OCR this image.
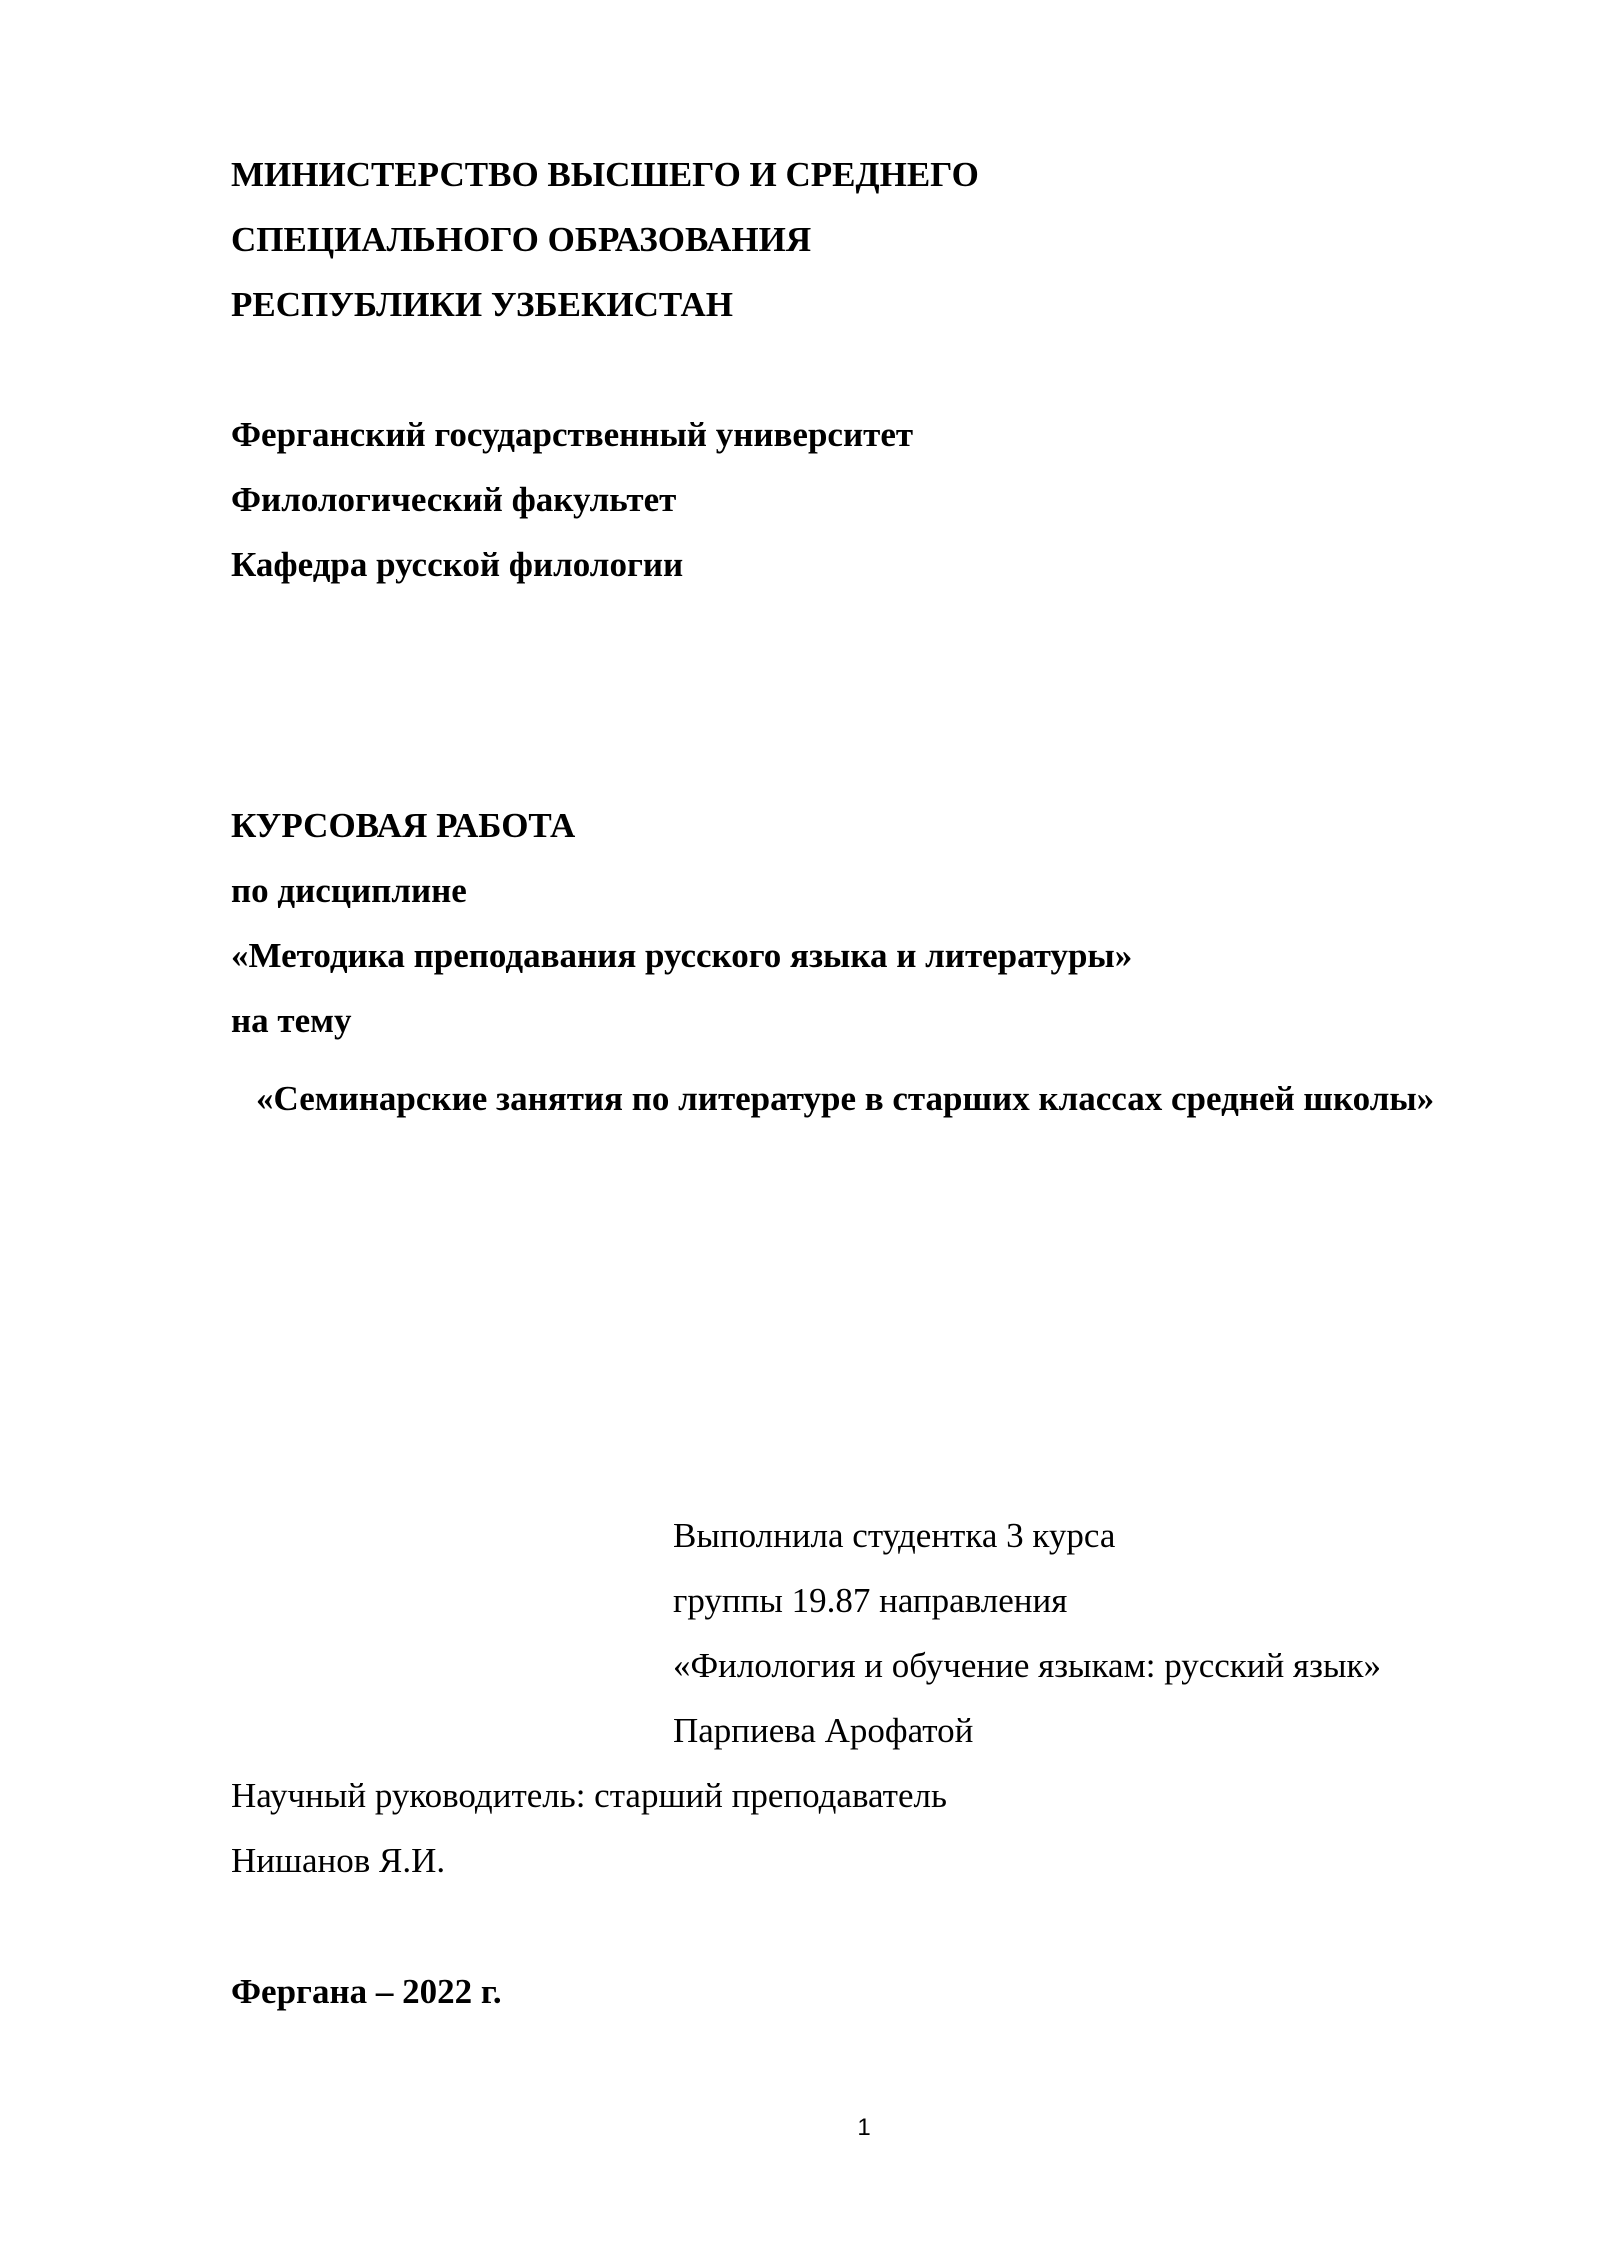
МИНИСТЕРСТВО ВЫСШЕГО И СРЕДНЕГО
СПЕЦИАЛЬНОГО ОБРАЗОВАНИЯ
РЕСПУБЛИКИ УЗБЕКИСТАН
Ферганский государственный университет
Филологический факультет
Кафедра русской филологии
КУРСОВАЯ РАБОТА
по дисциплине
«Методика преподавания русского языка и литературы»
на тему
«Семинарские занятия по литературе в старших классах средней школы»
Выполнила студентка 3 курса
группы 19.87 направления
«Филология и обучение языкам: русский язык»
Парпиева Арофатой
Научный руководитель: старший преподаватель
Нишанов Я.И.
Фергана – 2022 г.
1
